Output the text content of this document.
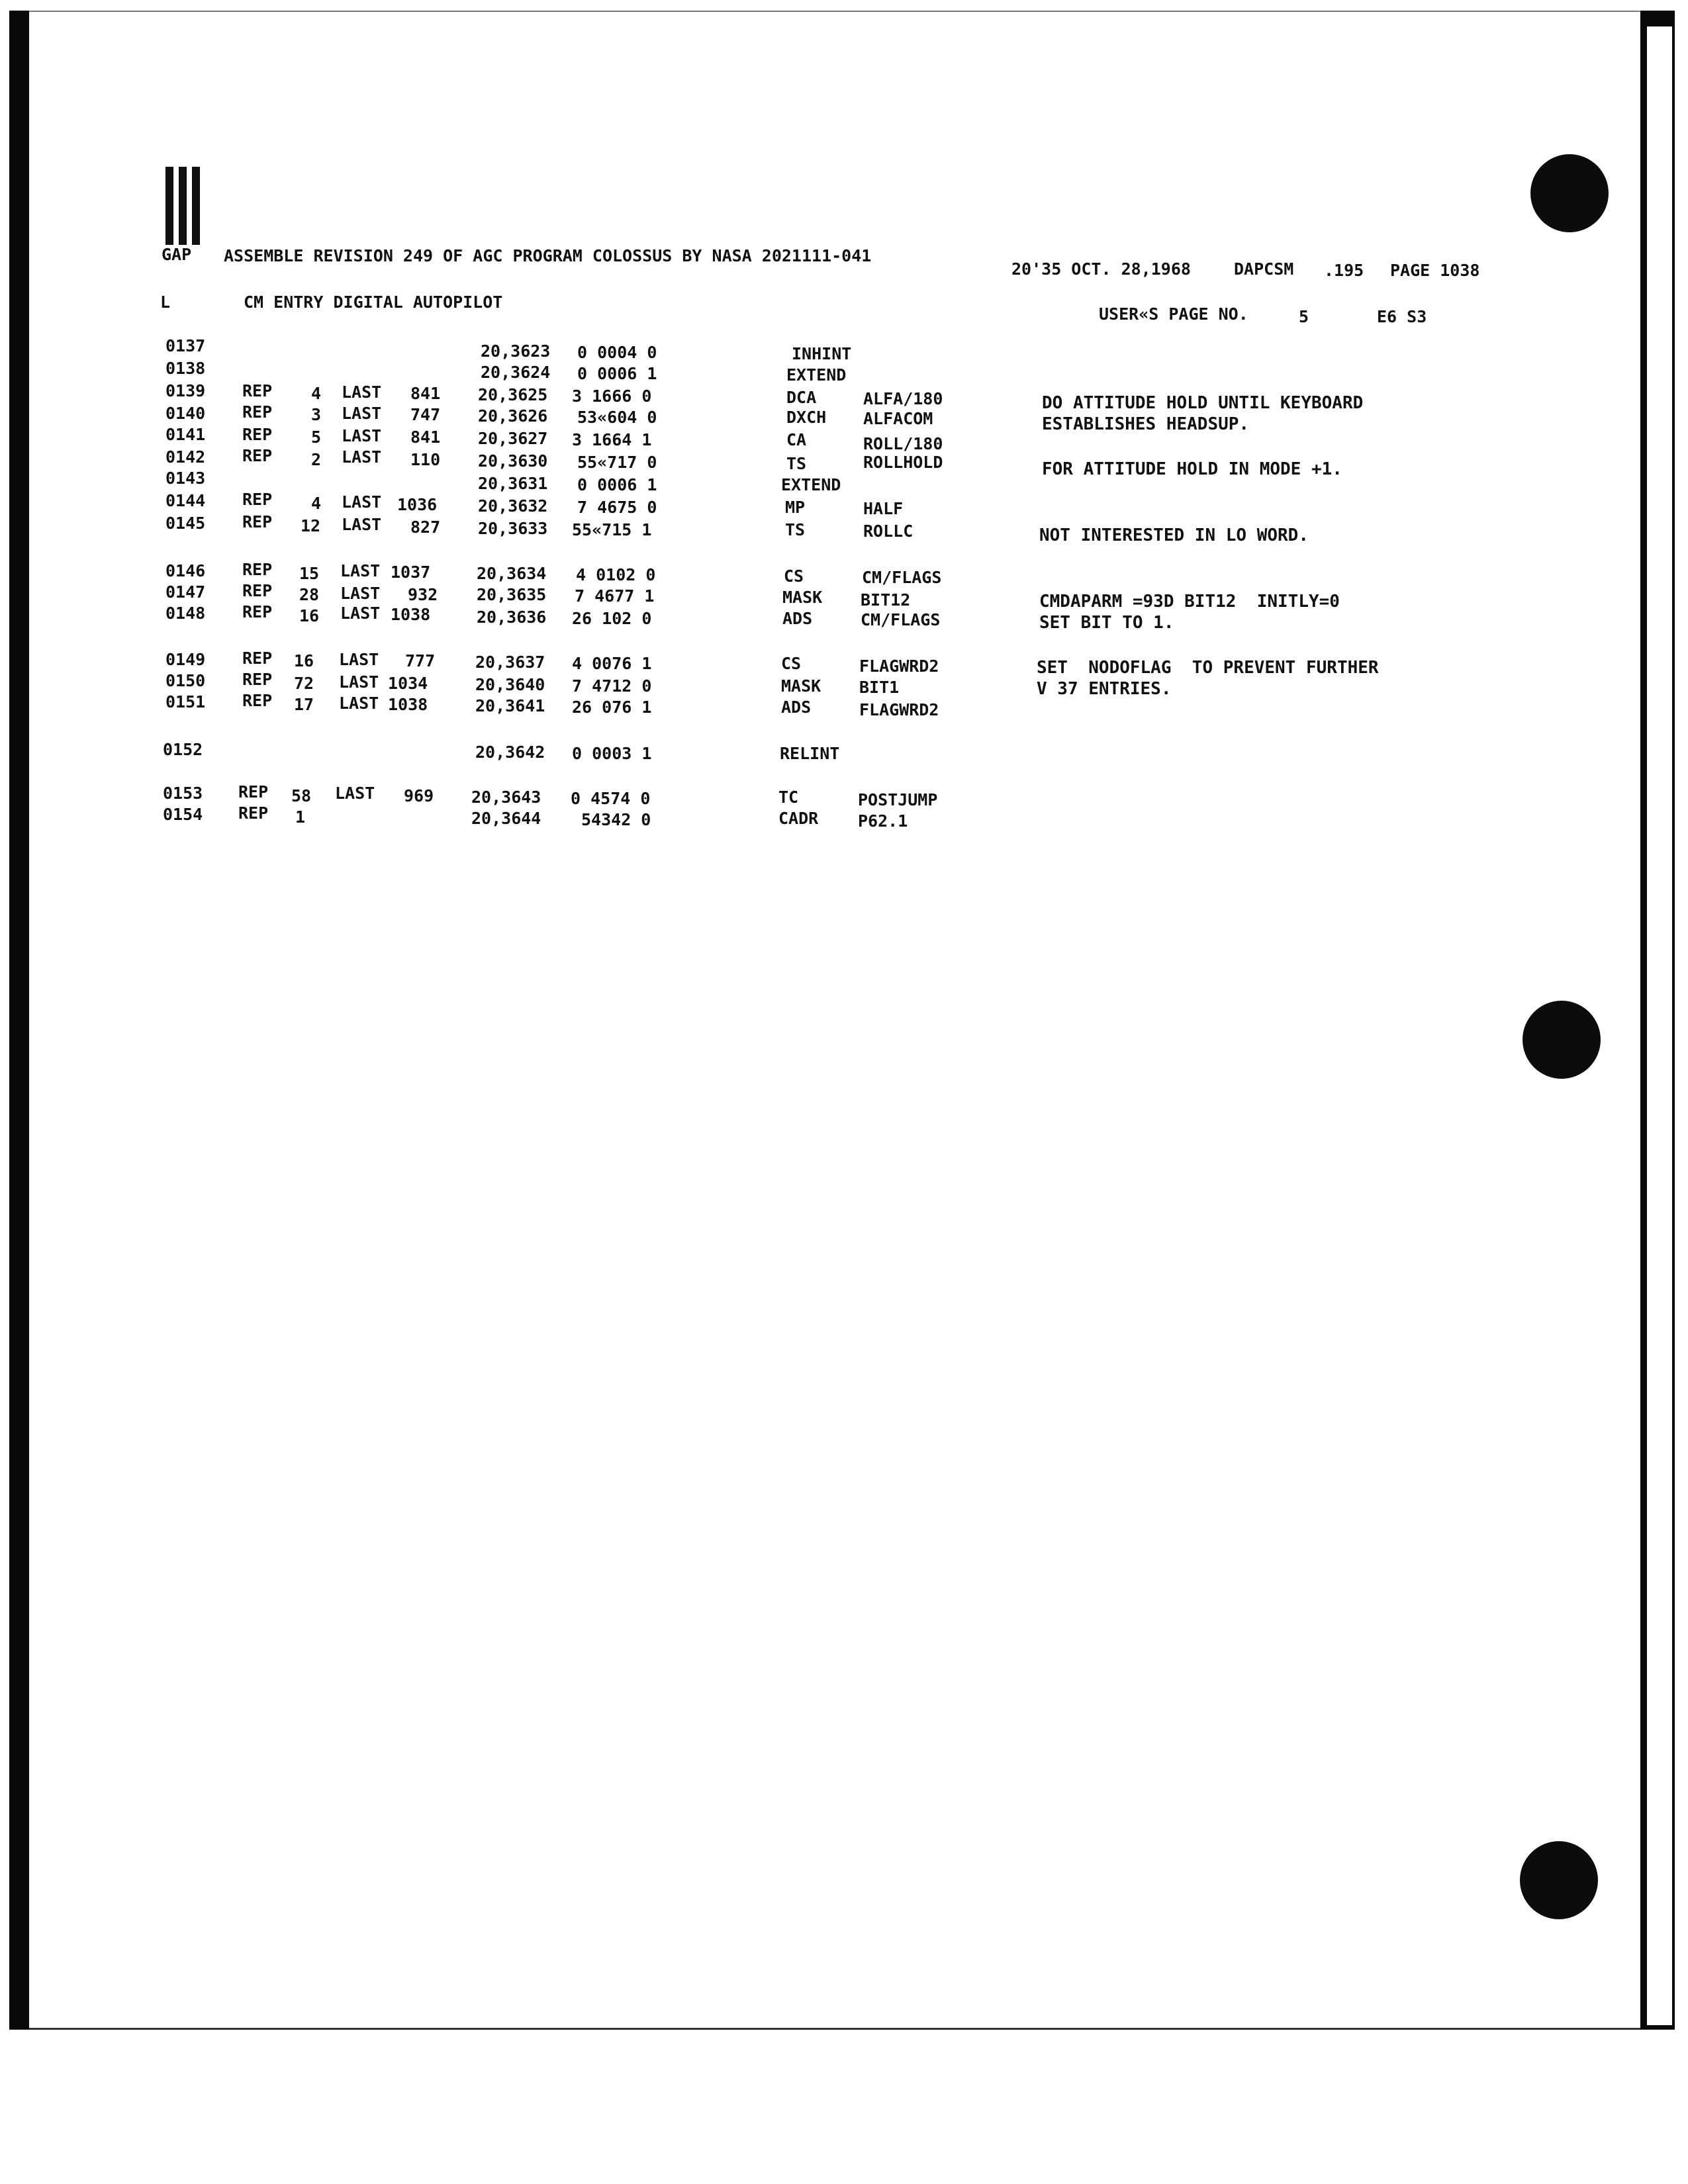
GAP ASSEMBLE REVISION 249 OF AGC PROGRAM COLOSSUS BY NASA 2021111-041
20'35 OCT. 28,1968	DAPCSM .195 PAGE 1038
L	CM ENTRY DIGITAL AUTOPILOT
USER«S PAGE NO.	5	E6 S3
0137	20,3623 0 0004 0	INHINT
0138	20,3624 0 0006 1	EXTEND
0139 REP 4 LAST 841 20,3625 3 1666 0	DCA	ALFA/180
0140 REP 3 LAST 747 20,3626 53«604 0	DXCH ALFACOM
0141 REP 5 LAST 841 20,3627 3 1664 1	CA	ROLL/180
0142 REP 2 LAST 110 20,3630 55«717 0	TS	ROLLHOLD
0143	20,3631 0 0006 1	EXTEND
0144 REP 4 LAST 1036 20,3632 7 4675 0	MP	HALF
0145 REP 12 LAST 827 20,3633 55«715 1	TS	ROLLC
0146 REP 15 LAST 1037	20,3634 4 0102 0	CS	CM/FLAGS
0147 REP 28 LAST 932 20,3635 7 4677 1	MASK BIT12
0148 REP 16 LAST 1038	20,3636 26 102 0	ADS	CM/FLAGS
0149 REP 16 LAST 777 20,3637 4 0076 1	CS	FLAGWRD2
0150 REP 72 LAST 1034	20,3640 7 4712 0	MASK BIT1
0151 REP 17 LAST 1038	20,3641 26 076 1	ADS	FLAGWRD2
0152	20,3642 0 0003 1	RELINT
0153 REP 58 LAST 969 20,3643 0 4574 0	TC	POSTJUMP
0154 REP 1	20,3644 54342 0	CADR P62.1
DO ATTITUDE HOLD UNTIL KEYBOARD
ESTABLISHES HEADSUP.
FOR ATTITUDE HOLD IN MODE +1.
NOT INTERESTED IN LO WORD.
CMDAPARM =93D BIT12  INITLY=0
SET BIT TO 1.
SET  NODOFLAG  TO PREVENT FURTHER
V 37 ENTRIES.
